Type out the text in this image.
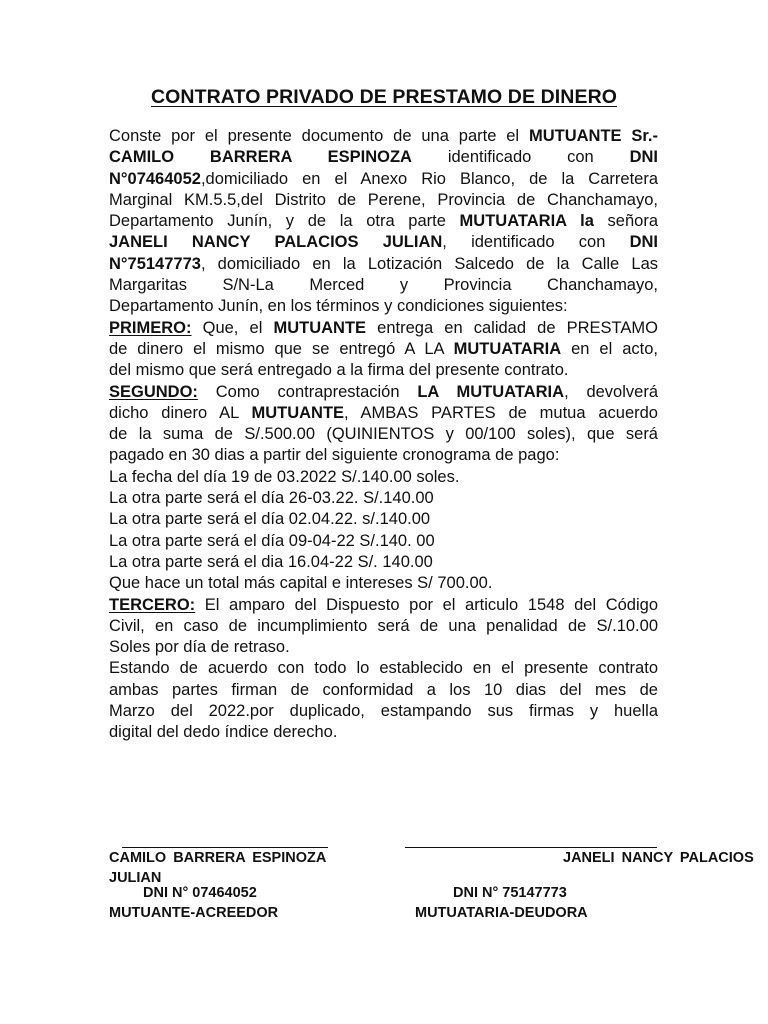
CONTRATO PRIVADO DE PRESTAMO DE DINERO
Conste por el presente documento de una parte el MUTUANTE Sr.-
CAMILO BARRERA ESPINOZA identificado con DNI
N°07464052,domiciliado en el Anexo Rio Blanco, de la Carretera
Marginal KM.5.5,del Distrito de Perene, Provincia de Chanchamayo,
Departamento Junín, y de la otra parte MUTUATARIA la señora
JANELI NANCY PALACIOS JULIAN, identificado con DNI
N°75147773, domiciliado en la Lotización Salcedo de la Calle Las
Margaritas S/N-La Merced y Provincia Chanchamayo,
Departamento Junín, en los términos y condiciones siguientes:
PRIMERO: Que, el MUTUANTE entrega en calidad de PRESTAMO
de dinero el mismo que se entregó A LA MUTUATARIA en el acto,
del mismo que será entregado a la firma del presente contrato.
SEGUNDO: Como contraprestación LA MUTUATARIA, devolverá
dicho dinero AL MUTUANTE, AMBAS PARTES de mutua acuerdo
de la suma de S/.500.00 (QUINIENTOS y 00/100 soles), que será
pagado en 30 dias a partir del siguiente cronograma de pago:
La fecha del día 19 de 03.2022 S/.140.00 soles.
La otra parte será el día 26-03.22. S/.140.00
La otra parte será el día 02.04.22. s/.140.00
La otra parte será el día 09-04-22 S/.140. 00
La otra parte será el dia 16.04-22 S/. 140.00
Que hace un total más capital e intereses S/ 700.00.
TERCERO: El amparo del Dispuesto por el articulo 1548 del Código
Civil, en caso de incumplimiento será de una penalidad de S/.10.00
Soles por día de retraso.
Estando de acuerdo con todo lo establecido en el presente contrato
ambas partes firman de conformidad a los 10 dias del mes de
Marzo del 2022.por duplicado, estampando sus firmas y huella
digital del dedo índice derecho.
CAMILO BARRERA ESPINOZA	JANELI NANCY PALACIOS
JULIAN
DNI N° 07464052	DNI N° 75147773
MUTUANTE-ACREEDOR	MUTUATARIA-DEUDORA
